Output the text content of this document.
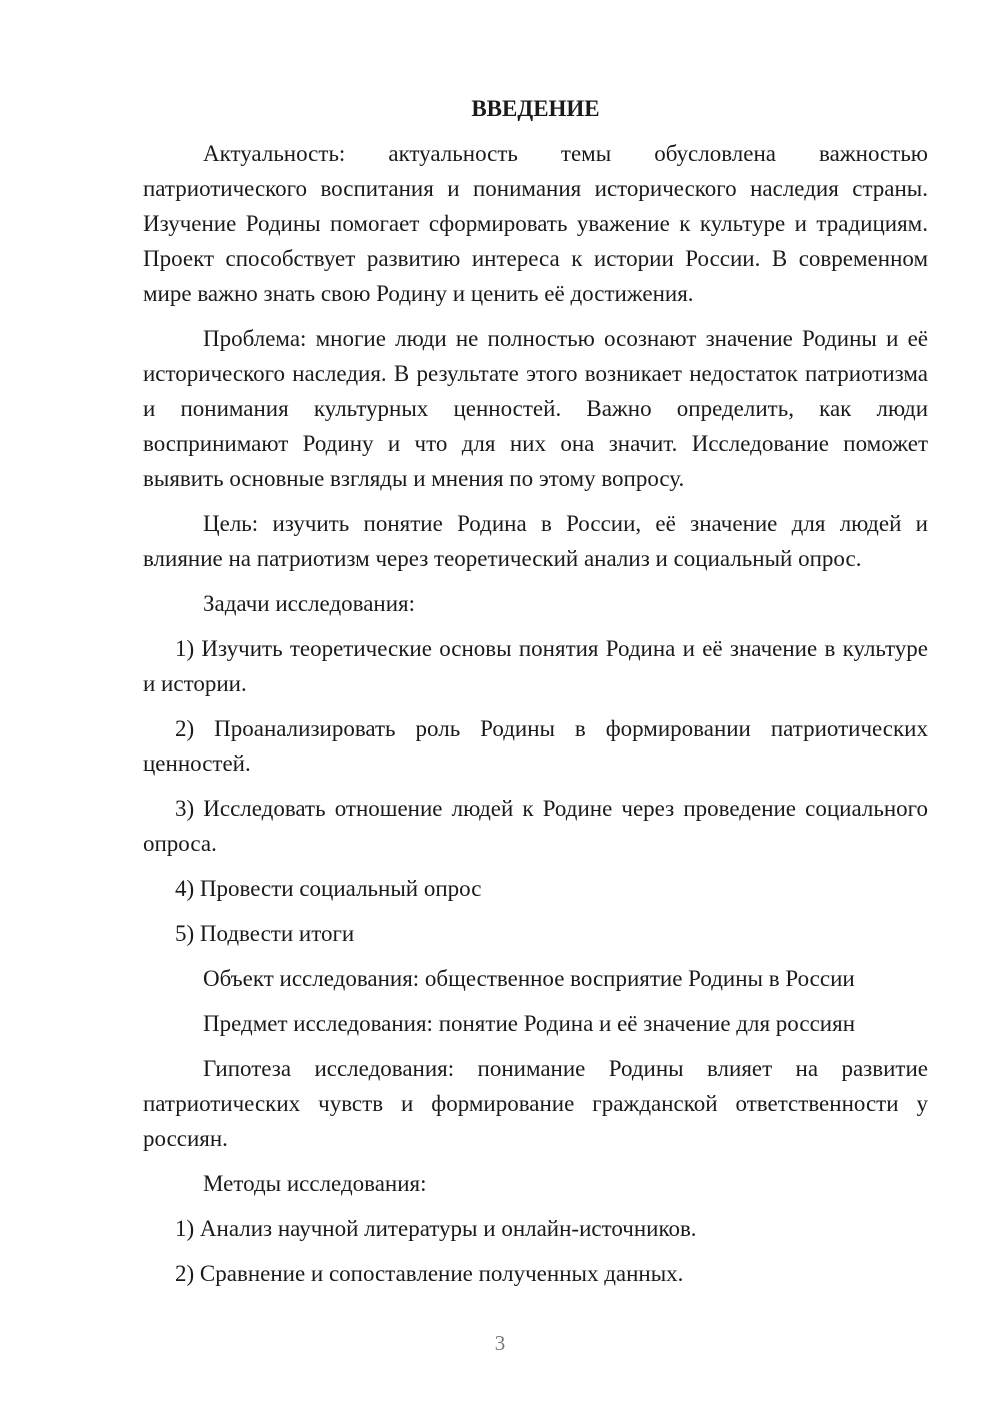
ВВЕДЕНИЕ

Актуальность: актуальность темы обусловлена важностью патриотического воспитания и понимания исторического наследия страны. Изучение Родины помогает сформировать уважение к культуре и традициям. Проект способствует развитию интереса к истории России. В современном мире важно знать свою Родину и ценить её достижения.

Проблема: многие люди не полностью осознают значение Родины и её исторического наследия. В результате этого возникает недостаток патриотизма и понимания культурных ценностей. Важно определить, как люди воспринимают Родину и что для них она значит. Исследование поможет выявить основные взгляды и мнения по этому вопросу.

Цель: изучить понятие Родина в России, её значение для людей и влияние на патриотизм через теоретический анализ и социальный опрос.

Задачи исследования:

1) Изучить теоретические основы понятия Родина и её значение в культуре и истории.

2) Проанализировать роль Родины в формировании патриотических ценностей.

3) Исследовать отношение людей к Родине через проведение социального опроса.

4) Провести социальный опрос

5) Подвести итоги

Объект исследования: общественное восприятие Родины в России

Предмет исследования: понятие Родина и её значение для россиян

Гипотеза исследования: понимание Родины влияет на развитие патриотических чувств и формирование гражданской ответственности у россиян.

Методы исследования:

1) Анализ научной литературы и онлайн-источников.

2) Сравнение и сопоставление полученных данных.

3
